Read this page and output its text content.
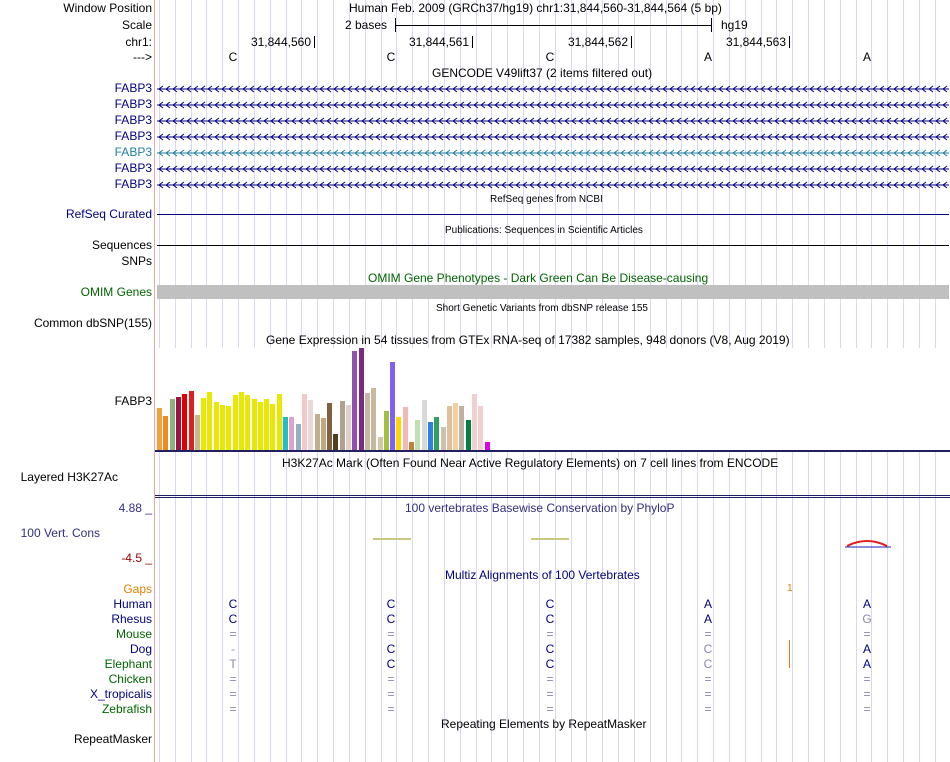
Window Position	Human Feb. 2009 (GRCh37/hg19) chr1:31,844,560-31,844,564 (5 bp)
Scale	2 bases	hg19
chr1:	31,844,560	31,844,561	31,844,562	31,844,563
--->	C	C	C	A	A
GENCODE V49lift37 (2 items filtered out)
FABP3
FABP3
FABP3
FABP3
FABP3
FABP3
FABP3
RefSeq genes from NCBI
RefSeq Curated
Publications: Sequences in Scientific Articles
Sequences
SNPs
OMIM Gene Phenotypes - Dark Green Can Be Disease-causing
OMIM Genes
Short Genetic Variants from dbSNP release 155
Common dbSNP(155)
Gene Expression in 54 tissues from GTEx RNA-seq of 17382 samples, 948 donors (V8, Aug 2019)
FABP3
H3K27Ac Mark (Often Found Near Active Regulatory Elements) on 7 cell lines from ENCODE
Layered H3K27Ac
4.88 _	100 vertebrates Basewise Conservation by PhyloP
100 Vert. Cons
-4.5 _
Multiz Alignments of 100 Vertebrates
Gaps	1
Human	C	C	C	A	A
Rhesus	C	C	C	A	G
Mouse	=	=	=	=	=
Dog	-	C	C	C	A
Elephant	T	C	C	C	A
Chicken	=	=	=	=	=
X_tropicalis	=	=	=	=	=
Zebrafish	=	=	=	=	=
Repeating Elements by RepeatMasker
RepeatMasker
